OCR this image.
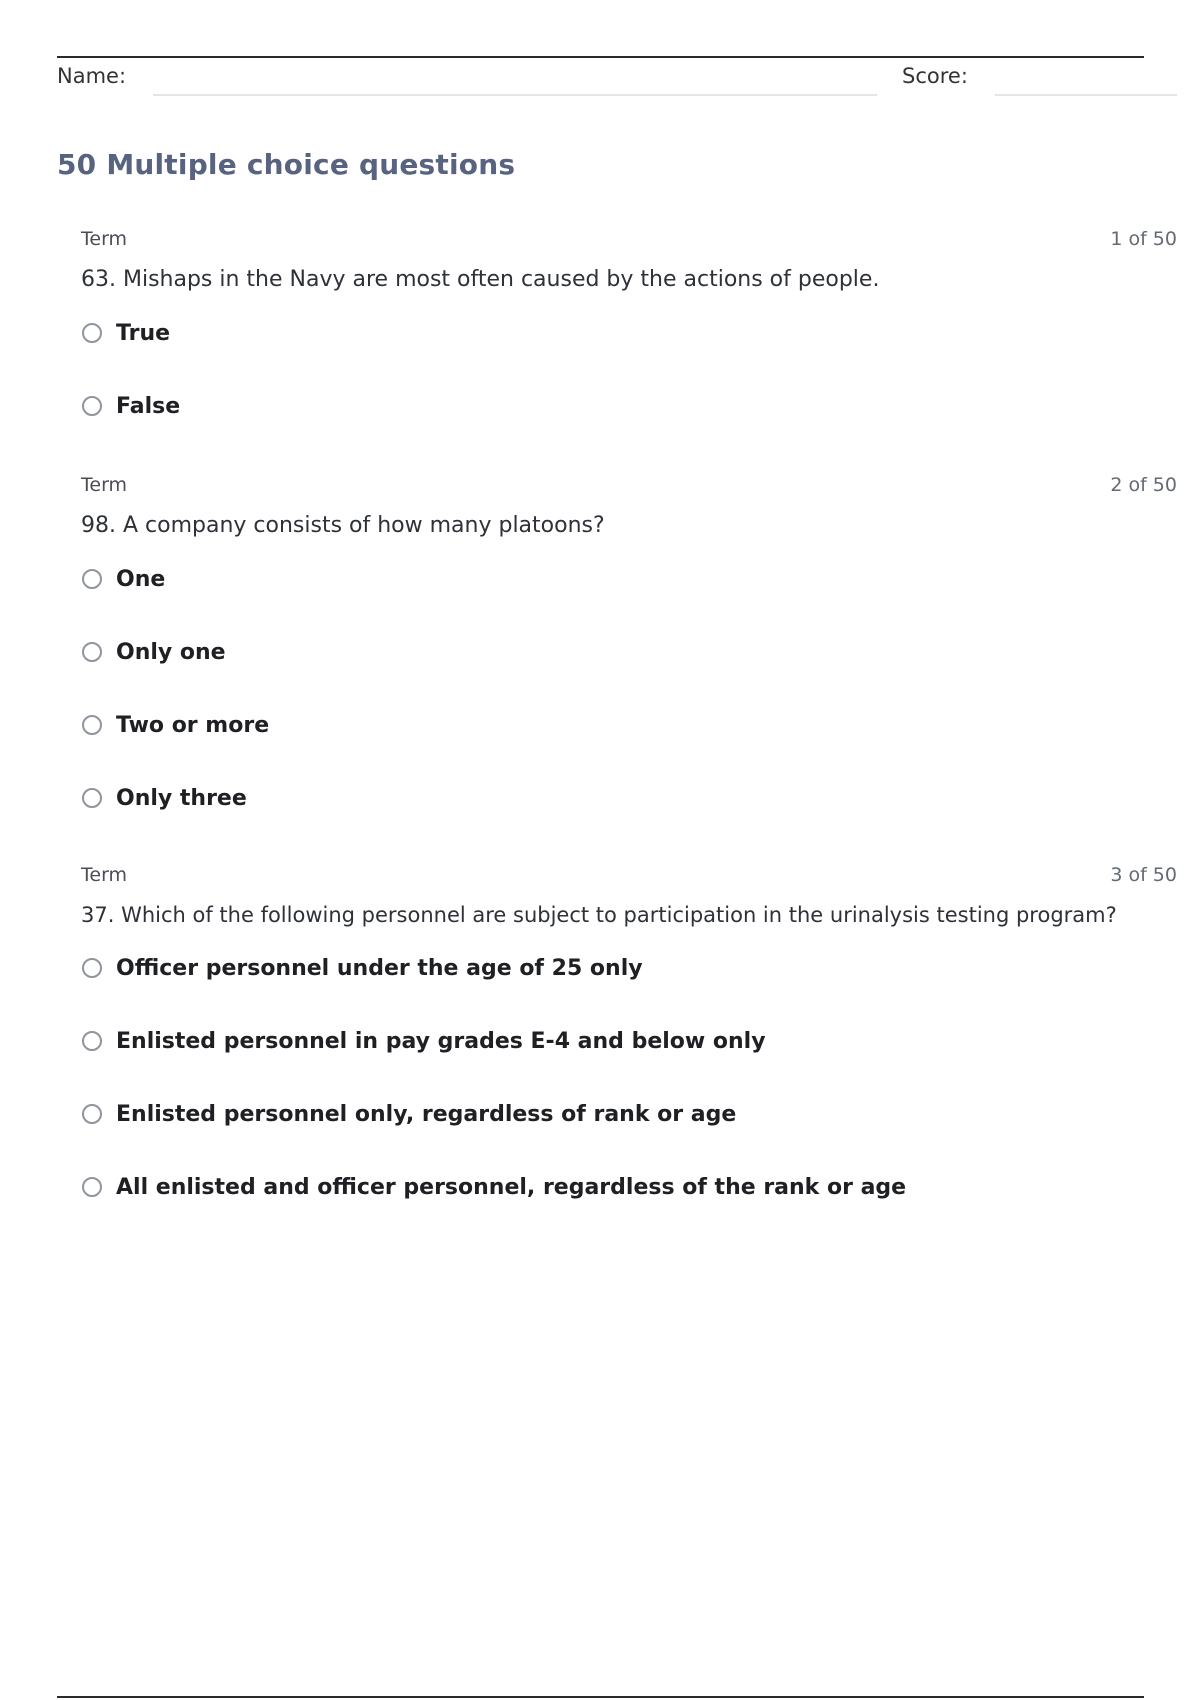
Name:	Score:
50 Multiple choice questions
Term	1 of 50
63. Mishaps in the Navy are most often caused by the actions of people.
True
False
Term	2 of 50
98. A company consists of how many platoons?
One
Only one
Two or more
Only three
Term	3 of 50
37. Which of the following personnel are subject to participation in the urinalysis testing program?
Officer personnel under the age of 25 only
Enlisted personnel in pay grades E-4 and below only
Enlisted personnel only, regardless of rank or age
All enlisted and officer personnel, regardless of the rank or age
